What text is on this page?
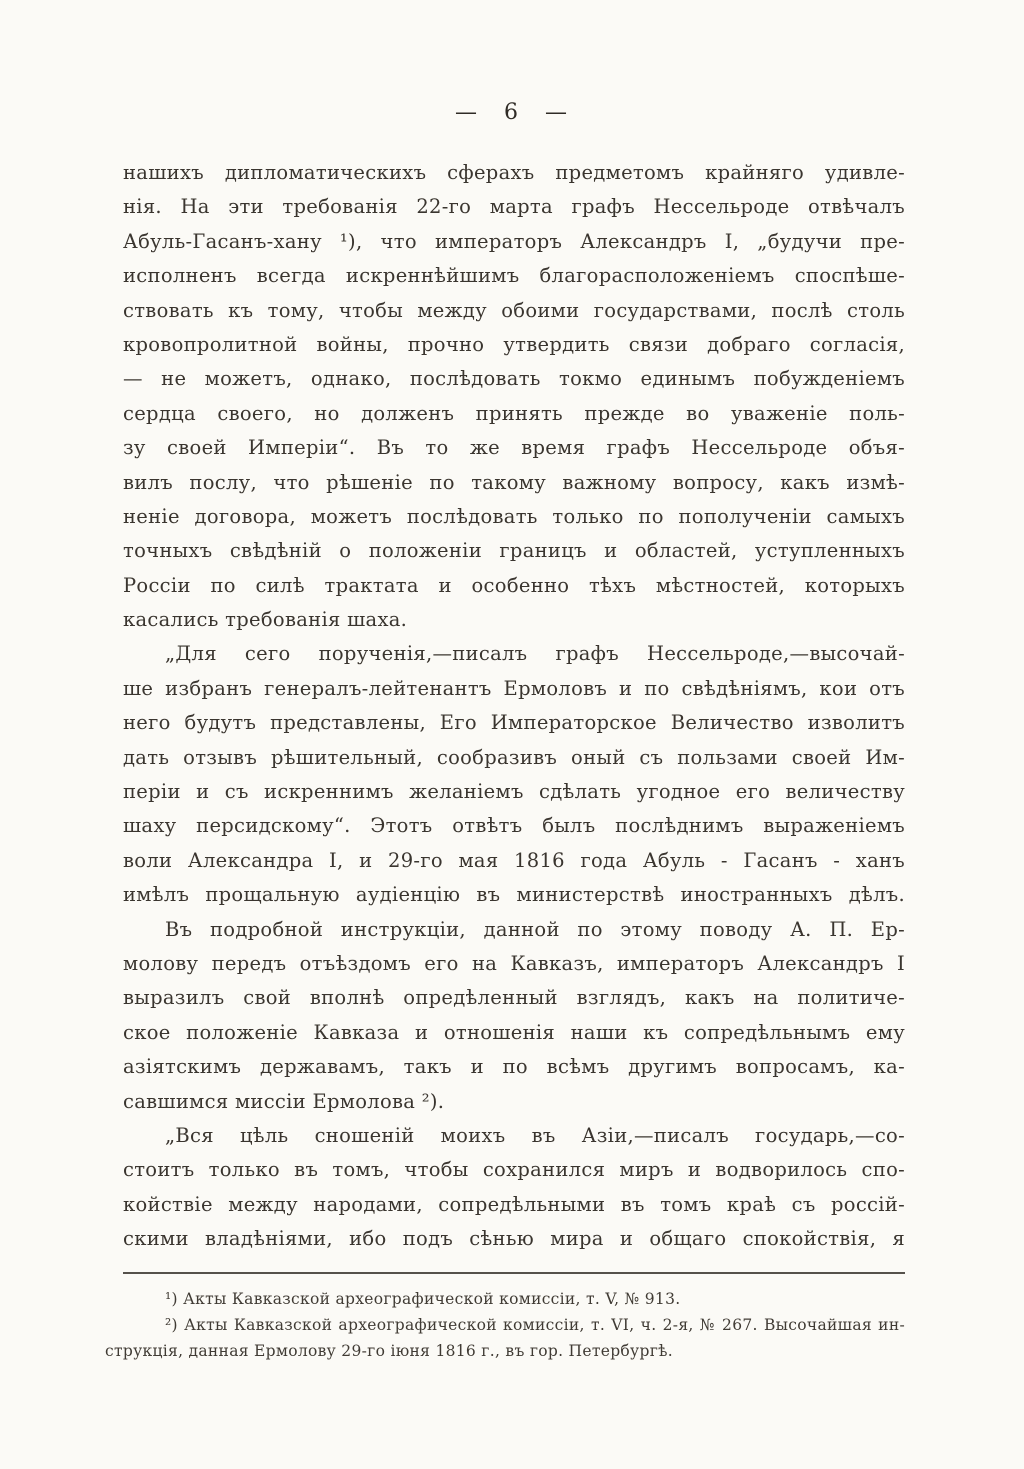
— 6 —
нашихъ дипломатическихъ сферахъ предметомъ крайняго удивле-
нія. На эти требованія 22-го марта графъ Нессельроде отвѣчалъ
Абуль-Гасанъ-хану ¹), что императоръ Александръ I, „будучи пре-
исполненъ всегда искреннѣйшимъ благорасположеніемъ споспѣше-
ствовать къ тому, чтобы между обоими государствами, послѣ столь
кровопролитной войны, прочно утвердить связи добраго согласія,
— не можетъ, однако, послѣдовать токмо единымъ побужденіемъ
сердца своего, но долженъ принять прежде во уваженіе поль-
зу своей Имперіи“. Въ то же время графъ Нессельроде объя-
вилъ послу, что рѣшеніе по такому важному вопросу, какъ измѣ-
неніе договора, можетъ послѣдовать только по пополученіи самыхъ
точныхъ свѣдѣній о положеніи границъ и областей, уступленныхъ
Россіи по силѣ трактата и особенно тѣхъ мѣстностей, которыхъ
касались требованія шаха.
„Для сего порученія,—писалъ графъ Нессельроде,—высочай-
ше избранъ генералъ-лейтенантъ Ермоловъ и по свѣдѣніямъ, кои отъ
него будутъ представлены, Его Императорское Величество изволитъ
дать отзывъ рѣшительный, сообразивъ оный съ пользами своей Им-
періи и съ искреннимъ желаніемъ сдѣлать угодное его величеству
шаху персидскому“. Этотъ отвѣтъ былъ послѣднимъ выраженіемъ
воли Александра I, и 29-го мая 1816 года Абуль - Гасанъ - ханъ
имѣлъ прощальную аудіенцію въ министерствѣ иностранныхъ дѣлъ.
Въ подробной инструкціи, данной по этому поводу А. П. Ер-
молову передъ отъѣздомъ его на Кавказъ, императоръ Александръ I
выразилъ свой вполнѣ опредѣленный взглядъ, какъ на политиче-
ское положеніе Кавказа и отношенія наши къ сопредѣльнымъ ему
азіятскимъ державамъ, такъ и по всѣмъ другимъ вопросамъ, ка-
савшимся миссіи Ермолова ²).
„Вся цѣль сношеній моихъ въ Азіи,—писалъ государь,—со-
стоитъ только въ томъ, чтобы сохранился миръ и водворилось спо-
койствіе между народами, сопредѣльными въ томъ краѣ съ россій-
скими владѣніями, ибо подъ сѣнью мира и общаго спокойствія, я
¹) Акты Кавказской археографической комиссіи, т. V, № 913.
²) Акты Кавказской археографической комиссіи, т. VI, ч. 2-я, № 267. Высочайшая ин-
струкція, данная Ермолову 29-го іюня 1816 г., въ гор. Петербургѣ.
